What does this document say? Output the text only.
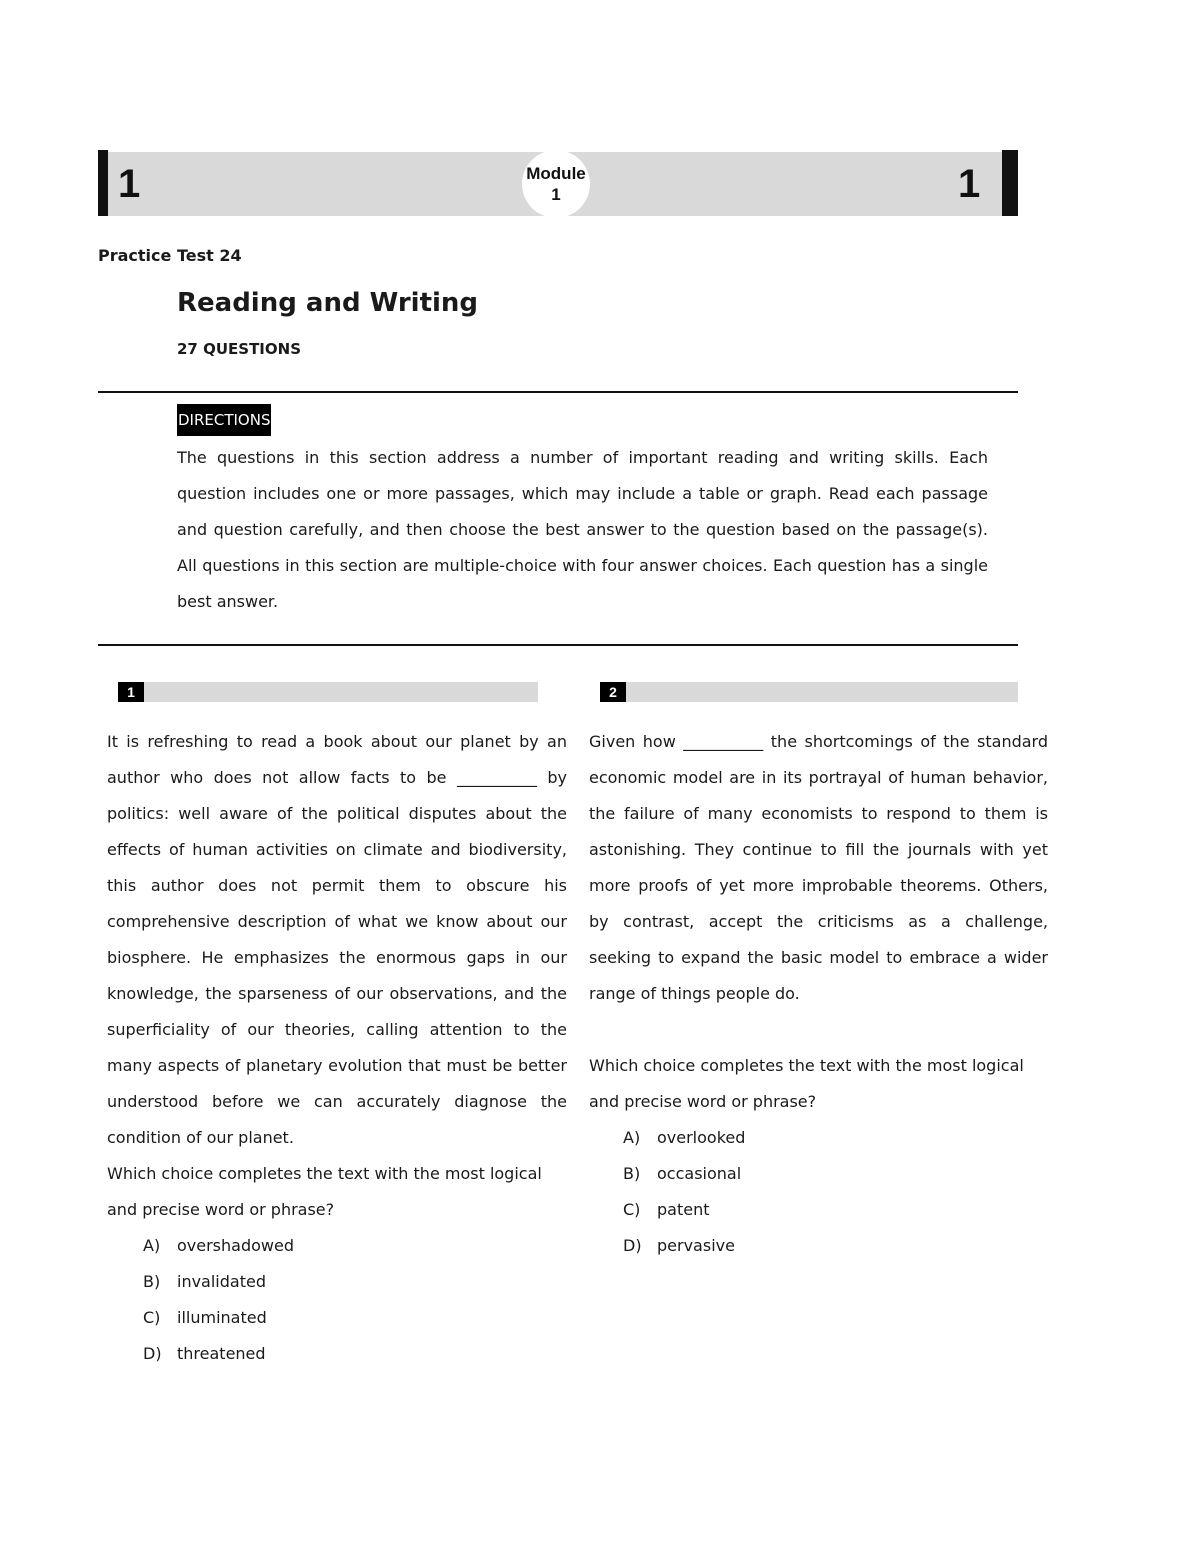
1	1
Module
1
Practice Test 24
Reading and Writing
27 QUESTIONS
DIRECTIONS

The questions in this section address a number of important reading and writing skills. Each question includes one or more passages, which may include a table or graph. Read each passage and question carefully, and then choose the best answer to the question based on the passage(s). All questions in this section are multiple-choice with four answer choices. Each question has a single best answer.

1

It is refreshing to read a book about our planet by an author who does not allow facts to be __________ by politics: well aware of the political disputes about the effects of human activities on climate and biodiversity, this author does not permit them to obscure his comprehensive description of what we know about our biosphere. He emphasizes the enormous gaps in our knowledge, the sparseness of our observations, and the superficiality of our theories, calling attention to the many aspects of planetary evolution that must be better understood before we can accurately diagnose the condition of our planet.

Which choice completes the text with the most logical and precise word or phrase?

A) overshadowed
B) invalidated
C) illuminated
D) threatened
2

Given how __________ the shortcomings of the standard economic model are in its portrayal of human behavior, the failure of many economists to respond to them is astonishing. They continue to fill the journals with yet more proofs of yet more improbable theorems. Others, by contrast, accept the criticisms as a challenge, seeking to expand the basic model to embrace a wider range of things people do.

Which choice completes the text with the most logical and precise word or phrase?

A) overlooked
B) occasional
C) patent
D) pervasive
